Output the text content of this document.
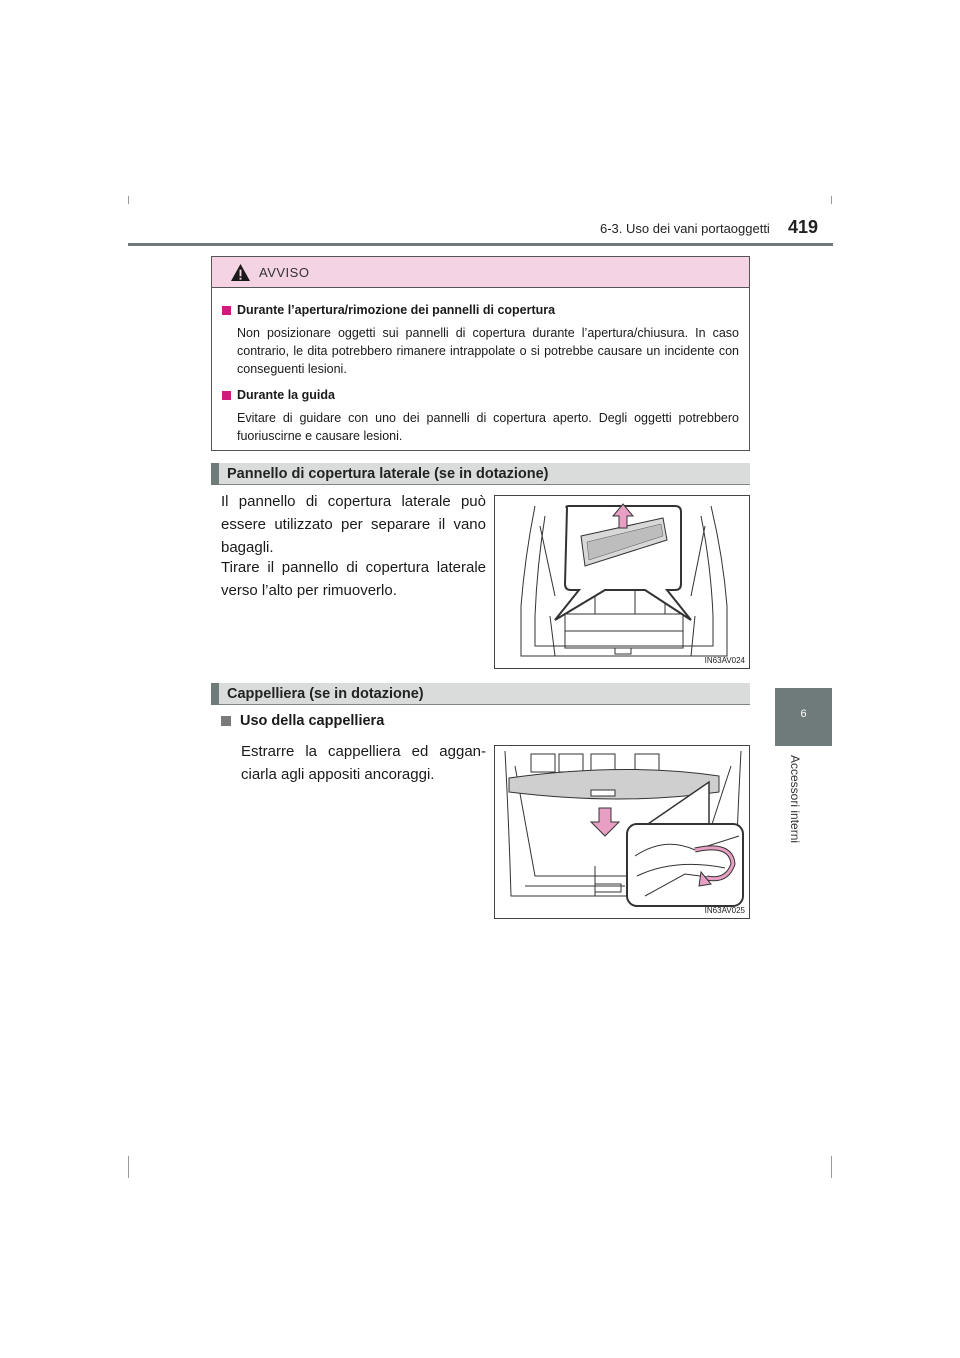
6-3. Uso dei vani portaoggetti 419
6
Accessori interni
AVVISO
Durante l’apertura/rimozione dei pannelli di copertura
Non posizionare oggetti sui pannelli di copertura durante l’apertura/chiusura. In caso contrario, le dita potrebbero rimanere intrappolate o si potrebbe causare un incidente con conseguenti lesioni.
Durante la guida
Evitare di guidare con uno dei pannelli di copertura aperto. Degli oggetti potrebbero fuoriuscirne e causare lesioni.
Pannello di copertura laterale (se in dotazione)
Il pannello di copertura laterale può essere utilizzato per separare il vano bagagli.
Tirare il pannello di copertura laterale verso l’alto per rimuoverlo.
IN63AV024
Cappelliera (se in dotazione)
Uso della cappelliera
Estrarre la cappelliera ed aggan-ciarla agli appositi ancoraggi.
IN63AV025
